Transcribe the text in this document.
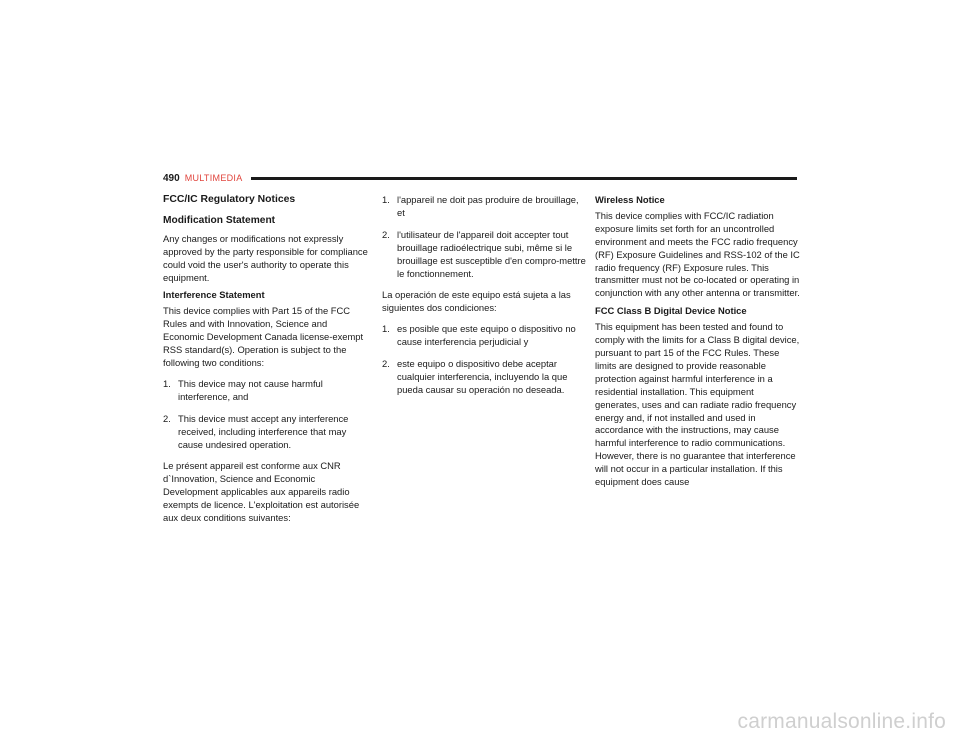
490 MULTIMEDIA
FCC/IC Regulatory Notices
Modification Statement

Any changes or modifications not expressly approved by the party responsible for compliance could void the user's authority to operate this equipment.

Interference Statement

This device complies with Part 15 of the FCC Rules and with Innovation, Science and Economic Development Canada license-exempt RSS standard(s). Operation is subject to the following two conditions:

1. This device may not cause harmful interference, and
2. This device must accept any interference received, including interference that may cause undesired operation.

Le présent appareil est conforme aux CNR d`Innovation, Science and Economic Development applicables aux appareils radio exempts de licence. L'exploitation est autorisée aux deux conditions suivantes:

1. l'appareil ne doit pas produire de brouillage, et
2. l'utilisateur de l'appareil doit accepter tout brouillage radioélectrique subi, même si le brouillage est susceptible d'en compro-mettre le fonctionnement.

La operación de este equipo está sujeta a las siguientes dos condiciones:

1. es posible que este equipo o dispositivo no cause interferencia perjudicial y
2. este equipo o dispositivo debe aceptar cualquier interferencia, incluyendo la que pueda causar su operación no deseada.
Wireless Notice

This device complies with FCC/IC radiation exposure limits set forth for an uncontrolled environment and meets the FCC radio frequency (RF) Exposure Guidelines and RSS-102 of the IC radio frequency (RF) Exposure rules. This transmitter must not be co-located or operating in conjunction with any other antenna or transmitter.

FCC Class B Digital Device Notice

This equipment has been tested and found to comply with the limits for a Class B digital device, pursuant to part 15 of the FCC Rules. These limits are designed to provide reasonable protection against harmful interference in a residential installation. This equipment generates, uses and can radiate radio frequency energy and, if not installed and used in accordance with the instructions, may cause harmful interference to radio communications. However, there is no guarantee that interference will not occur in a particular installation. If this equipment does cause

carmanualsonline.info
